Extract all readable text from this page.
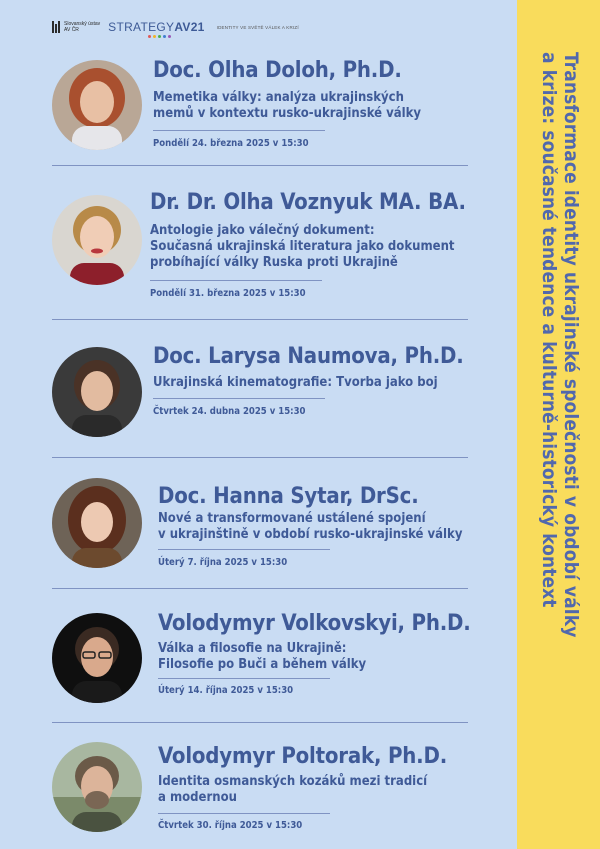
Slovanský ústav
AV ČR	STRATEGYAV21	IDENTITY VE SVĚTĚ VÁLEK A KRIZÍ
Transformace identity ukrajinské společnosti v období války
a krize: současné tendence a kulturně-historický kontext
Doc. Olha Doloh, Ph.D.
Memetika války: analýza ukrajinských
memů v kontextu rusko-ukrajinské války
Pondělí 24. března 2025 v 15:30
Dr. Dr. Olha Voznyuk MA. BA.
Antologie jako válečný dokument:
Současná ukrajinská literatura jako dokument
probíhající války Ruska proti Ukrajině
Pondělí 31. března 2025 v 15:30
Doc. Larysa Naumova, Ph.D.
Ukrajinská kinematografie: Tvorba jako boj
Čtvrtek 24. dubna 2025 v 15:30
Doc. Hanna Sytar, DrSc.
Nové a transformované ustálené spojení
v ukrajinštině v období rusko-ukrajinské války
Úterý 7. října 2025 v 15:30
Volodymyr Volkovskyi, Ph.D.
Válka a filosofie na Ukrajině:
Filosofie po Buči a během války
Úterý 14. října 2025 v 15:30
Volodymyr Poltorak, Ph.D.
Identita osmanských kozáků mezi tradicí
a modernou
Čtvrtek 30. října 2025 v 15:30
